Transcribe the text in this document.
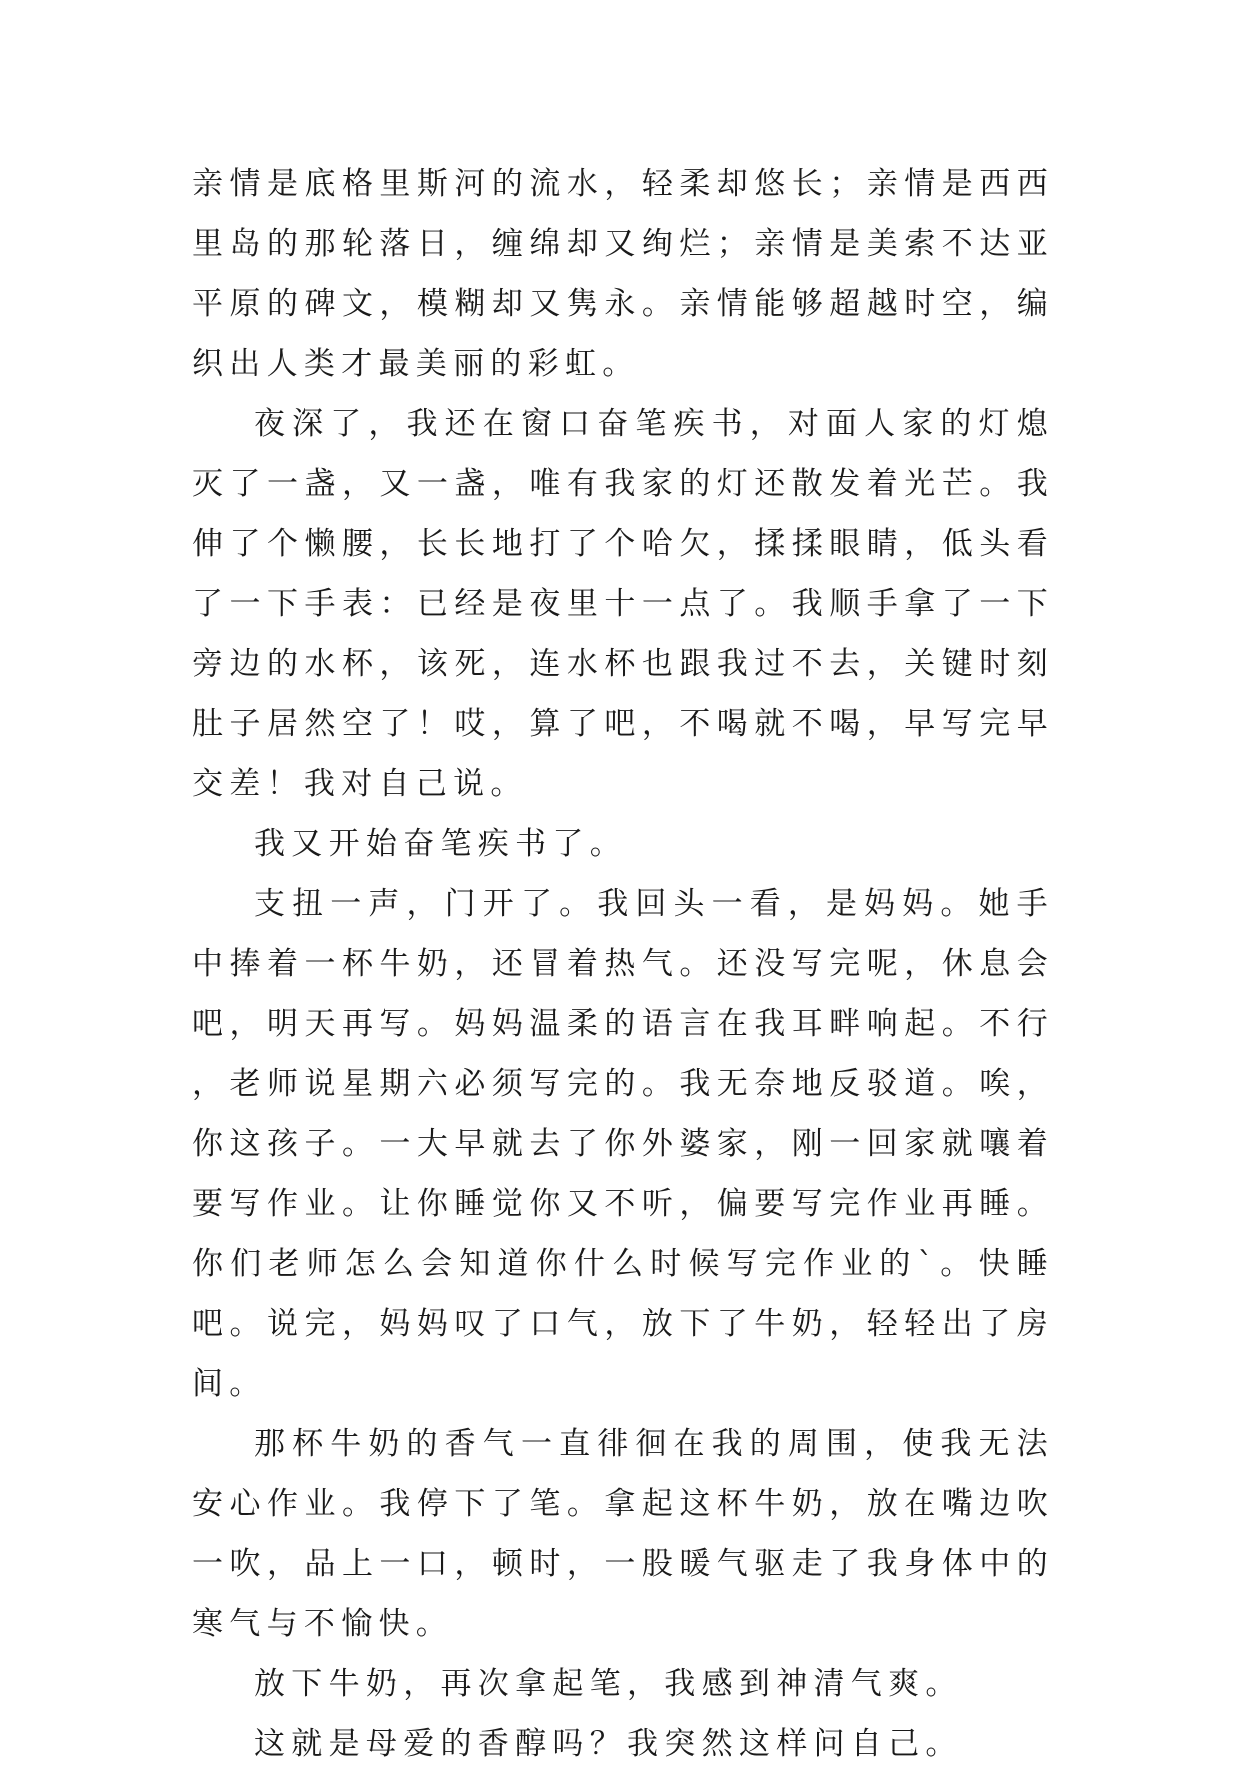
亲情是底格里斯河的流水，轻柔却悠长；亲情是西西里岛的那轮落日，缠绵却又绚烂；亲情是美索不达亚平原的碑文，模糊却又隽永。亲情能够超越时空，编织出人类才最美丽的彩虹。

夜深了，我还在窗口奋笔疾书，对面人家的灯熄灭了一盏，又一盏，唯有我家的灯还散发着光芒。我伸了个懒腰，长长地打了个哈欠，揉揉眼睛，低头看了一下手表：已经是夜里十一点了。我顺手拿了一下旁边的水杯，该死，连水杯也跟我过不去，关键时刻肚子居然空了！哎，算了吧，不喝就不喝，早写完早交差！我对自己说。

我又开始奋笔疾书了。

支扭一声，门开了。我回头一看，是妈妈。她手中捧着一杯牛奶，还冒着热气。还没写完呢，休息会吧，明天再写。妈妈温柔的语言在我耳畔响起。不行，老师说星期六必须写完的。我无奈地反驳道。唉，你这孩子。一大早就去了你外婆家，刚一回家就嚷着要写作业。让你睡觉你又不听，偏要写完作业再睡。你们老师怎么会知道你什么时候写完作业的`。快睡吧。说完，妈妈叹了口气，放下了牛奶，轻轻出了房间。

那杯牛奶的香气一直徘徊在我的周围，使我无法安心作业。我停下了笔。拿起这杯牛奶，放在嘴边吹一吹，品上一口，顿时，一股暖气驱走了我身体中的寒气与不愉快。

放下牛奶，再次拿起笔，我感到神清气爽。

这就是母爱的香醇吗？我突然这样问自己。
